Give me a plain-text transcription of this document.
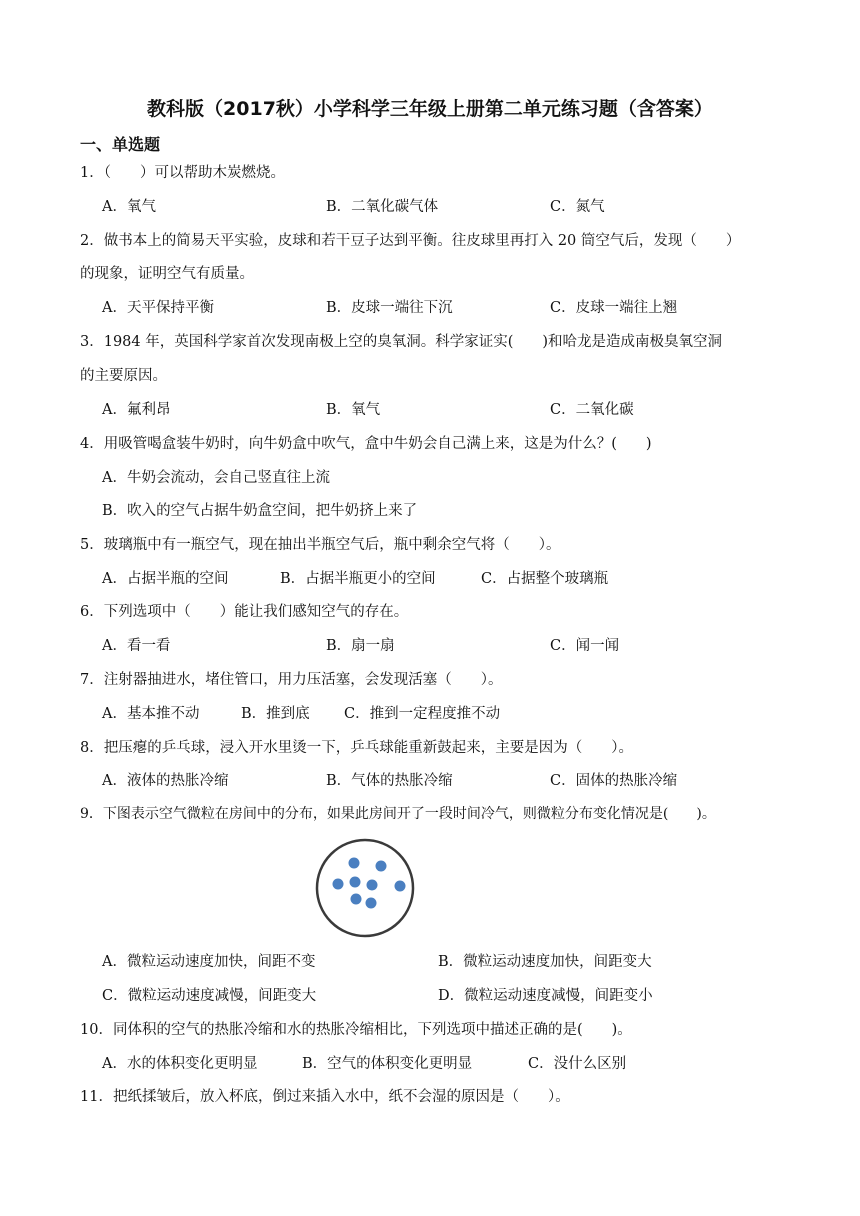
教科版（2017秋）小学科学三年级上册第二单元练习题（含答案）
一、单选题
1．（　　）可以帮助木炭燃烧。
A．氧气	B．二氧化碳气体	C．氮气
2．做书本上的简易天平实验，皮球和若干豆子达到平衡。往皮球里再打入 20 筒空气后，发现（　　）
的现象，证明空气有质量。
A．天平保持平衡	B．皮球一端往下沉	C．皮球一端往上翘
3．1984 年，英国科学家首次发现南极上空的臭氧洞。科学家证实(　　)和哈龙是造成南极臭氧空洞
的主要原因。
A．氟利昂	B．氧气	C．二氧化碳
4．用吸管喝盒装牛奶时，向牛奶盒中吹气，盒中牛奶会自己满上来，这是为什么？(　　)
A．牛奶会流动，会自己竖直往上流
B．吹入的空气占据牛奶盒空间，把牛奶挤上来了
5．玻璃瓶中有一瓶空气，现在抽出半瓶空气后，瓶中剩余空气将（　　）。
A．占据半瓶的空间	B．占据半瓶更小的空间	C．占据整个玻璃瓶
6．下列选项中（　　）能让我们感知空气的存在。
A．看一看	B．扇一扇	C．闻一闻
7．注射器抽进水，堵住管口，用力压活塞，会发现活塞（　　）。
A．基本推不动	B．推到底 C．推到一定程度推不动
8．把压瘪的乒乓球，浸入开水里烫一下，乒乓球能重新鼓起来，主要是因为（　　）。
A．液体的热胀冷缩	B．气体的热胀冷缩	C．固体的热胀冷缩
9．下图表示空气微粒在房间中的分布，如果此房间开了一段时间冷气，则微粒分布变化情况是(　　)。
A．微粒运动速度加快，间距不变	B．微粒运动速度加快，间距变大
C．微粒运动速度减慢，间距变大	D．微粒运动速度减慢，间距变小
10．同体积的空气的热胀冷缩和水的热胀冷缩相比，下列选项中描述正确的是(　　)。
A．水的体积变化更明显	B．空气的体积变化更明显	C．没什么区别
11．把纸揉皱后，放入杯底，倒过来插入水中，纸不会湿的原因是（　　）。
